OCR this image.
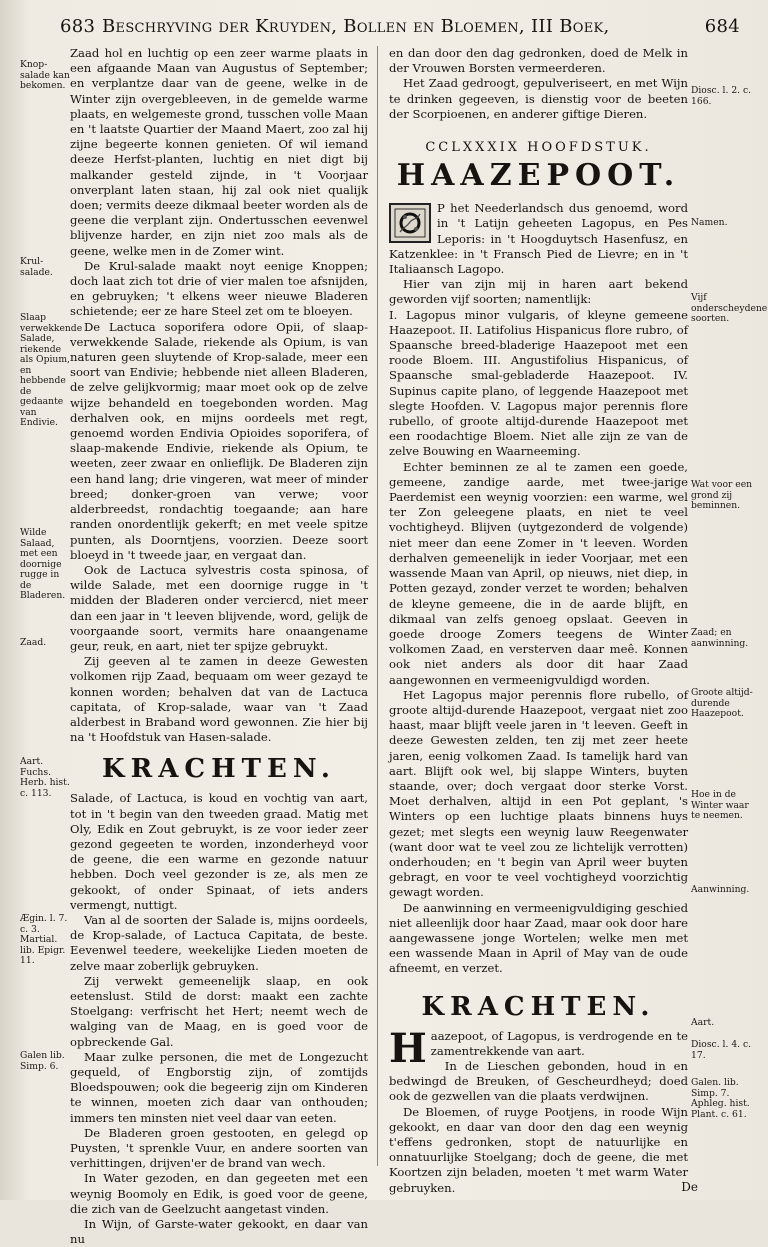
683 Beschryving der Kruyden, Bollen en Bloemen, III Boek,	684

Zaad hol en luchtig op een zeer warme plaats in een afgaande Maan van Augustus of September; en verplantze daar van de geene, welke in de Winter zijn overgebleeven, in de gemelde warme plaats, en welgemeste grond, tusschen volle Maan en 't laatste Quartier der Maand Maert, zoo zal hij zijne begeerte konnen genieten. Of wil iemand deeze Herfst-planten, luchtig en niet digt bij malkander gesteld zijnde, in 't Voorjaar onverplant laten staan, hij zal ook niet qualijk doen; vermits deeze dikmaal beeter worden als de geene die verplant zijn. Ondertusschen eevenwel blijvenze harder, en zijn niet zoo mals als de geene, welke men in de Zomer wint.

De Krul-salade maakt noyt eenige Knoppen; doch laat zich tot drie of vier malen toe afsnijden, en gebruyken; 't elkens weer nieuwe Bladeren schietende; eer ze hare Steel zet om te bloeyen.

De Lactuca soporifera odore Opii, of slaap-verwekkende Salade, riekende als Opium, is van naturen geen sluytende of Krop-salade, meer een soort van Endivie; hebbende niet alleen Bladeren, de zelve gelijkvormig; maar moet ook op de zelve wijze behandeld en toegebonden worden. Mag derhalven ook, en mijns oordeels met regt, genoemd worden Endivia Opioides soporifera, of slaap-makende Endivie, riekende als Opium, te weeten, zeer zwaar en onlieflijk. De Bladeren zijn een hand lang; drie vingeren, wat meer of minder breed; donker-groen van verwe; voor alderbreedst, rondachtig toegaande; aan hare randen onordentlijk gekerft; en met veele spitze punten, als Doorntjens, voorzien. Deeze soort bloeyd in 't tweede jaar, en vergaat dan.

Ook de Lactuca sylvestris costa spinosa, of wilde Salade, met een doornige rugge in 't midden der Bladeren onder verciercd, niet meer dan een jaar in 't leeven blijvende, word, gelijk de voorgaande soort, vermits hare onaangename geur, reuk, en aart, niet ter spijze gebruykt.

Zij geeven al te zamen in deeze Gewesten volkomen rijp Zaad, bequaam om weer gezayd te konnen worden; behalven dat van de Lactuca capitata, of Krop-salade, waar van 't Zaad alderbest in Braband word gewonnen. Zie hier bij na 't Hoofdstuk van Hasen-salade.

KRACHTEN.

Salade, of Lactuca, is koud en vochtig van aart, tot in 't begin van den tweeden graad. Matig met Oly, Edik en Zout gebruykt, is ze voor ieder zeer gezond gegeeten te worden, inzonderheyd voor de geene, die een warme en gezonde natuur hebben. Doch veel gezonder is ze, als men ze gekookt, of onder Spinaat, of iets anders vermengt, nuttigt.

Van al de soorten der Salade is, mijns oordeels, de Krop-salade, of Lactuca Capitata, de beste. Eevenwel teedere, weekelijke Lieden moeten de zelve maar zoberlijk gebruyken.

Zij verwekt gemeenelijk slaap, en ook eetenslust. Stild de dorst: maakt een zachte Stoelgang: verfrischt het Hert; neemt wech de walging van de Maag, en is goed voor de opbreckende Gal.

Maar zulke personen, die met de Longezucht gequeld, of Engborstig zijn, of zomtijds Bloedspouwen; ook die begeerig zijn om Kinderen te winnen, moeten zich daar van onthouden; immers ten minsten niet veel daar van eeten.

De Bladeren groen gestooten, en gelegd op Puysten, 't sprenkle Vuur, en andere soorten van verhittingen, drijven'er de brand van wech.

In Water gezoden, en dan gegeeten met een weynig Boomoly en Edik, is goed voor de geene, die zich van de Geelzucht aangetast vinden.

In Wijn, of Garste-water gekookt, en daar van nu

en dan door den dag gedronken, doed de Melk in der Vrouwen Borsten vermeerderen.

Het Zaad gedroogt, gepulveriseert, en met Wijn te drinken gegeeven, is dienstig voor de beeten der Scorpioenen, en anderer giftige Dieren.

CCLXXXIX HOOFDSTUK.
HAAZEPOOT.

P het Neederlandsch dus genoemd, word in 't Latijn geheeten Lagopus, en Pes Leporis: in 't Hoogduytsch Hasenfusz, en Katzenklee: in 't Fransch Pied de Lievre; en in 't Italiaansch Lagopo.

Hier van zijn mij in haren aart bekend geworden vijf soorten; namentlijk:

I. Lagopus minor vulgaris, of kleyne gemeene Haazepoot. II. Latifolius Hispanicus flore rubro, of Spaansche breed-bladerige Haazepoot met een roode Bloem. III. Angustifolius Hispanicus, of Spaansche smal-gebladerde Haazepoot. IV. Supinus capite plano, of leggende Haazepoot met slegte Hoofden. V. Lagopus major perennis flore rubello, of groote altijd-durende Haazepoot met een roodachtige Bloem. Niet alle zijn ze van de zelve Bouwing en Waarneeming.

Echter beminnen ze al te zamen een goede, gemeene, zandige aarde, met twee-jarige Paerdemist een weynig voorzien: een warme, wel ter Zon geleegene plaats, en niet te veel vochtigheyd. Blijven (uytgezonderd de volgende) niet meer dan eene Zomer in 't leeven. Worden derhalven gemeenelijk in ieder Voorjaar, met een wassende Maan van April, op nieuws, niet diep, in Potten gezayd, zonder verzet te worden; behalven de kleyne gemeene, die in de aarde blijft, en dikmaal van zelfs genoeg opslaat. Geeven in goede drooge Zomers teegens de Winter volkomen Zaad, en versterven daar meê. Konnen ook niet anders als door dit haar Zaad aangewonnen en vermeenigvuldigd worden.

Het Lagopus major perennis flore rubello, of groote altijd-durende Haazepoot, vergaat niet zoo haast, maar blijft veele jaren in 't leeven. Geeft in deeze Gewesten zelden, ten zij met zeer heete jaren, eenig volkomen Zaad. Is tamelijk hard van aart. Blijft ook wel, bij slappe Winters, buyten staande, over; doch vergaat door sterke Vorst. Moet derhalven, altijd in een Pot geplant, 's Winters op een luchtige plaats binnens huys gezet; met slegts een weynig lauw Reegenwater (want door wat te veel zou ze lichtelijk verrotten) onderhouden; en 't begin van April weer buyten gebragt, en voor te veel vochtigheyd voorzichtig gewagt worden.

De aanwinning en vermeenigvuldiging geschied niet alleenlijk door haar Zaad, maar ook door hare aangewassene jonge Wortelen; welke men met een wassende Maan in April of May van de oude afneemt, en verzet.

KRACHTEN.

H aazepoot, of Lagopus, is verdrogende en te zamentrekkende van aart.

In de Lieschen gebonden, houd in en bedwingd de Breuken, of Gescheurdheyd; doed ook de gezwellen van die plaats verdwijnen.

De Bloemen, of ruyge Pootjens, in roode Wijn gekookt, en daar van door den dag een weynig t'effens gedronken, stopt de natuurlijke en onnatuurlijke Stoelgang; doch de geene, die met Koortzen zijn beladen, moeten 't met warm Water gebruyken.

Knop-salade kan bekomen.
Krul-salade.
Slaap verwekkende Salade, riekende als Opium, en hebbende de gedaante van Endivie.
Wilde Salaad, met een doornige rugge in de Bladeren.
Zaad.
Aart. Fuchs. Herb. hist. c. 113.
Ægin. l. 7. c. 3. Martial. lib. Epigr. 11.
Galen lib. Simp. 6.
Diosc. l. 2. c. 166.
Namen.
Vijf onderscheydene soorten.
Wat voor een grond zij beminnen.
Zaad; en aanwinning.
Groote altijd-durende Haazepoot.
Hoe in de Winter waar te neemen.
Aanwinning.
Aart.
Diosc. l. 4. c. 17.
Galen. lib. Simp. 7. Aphleg. hist. Plant. c. 61.
De
